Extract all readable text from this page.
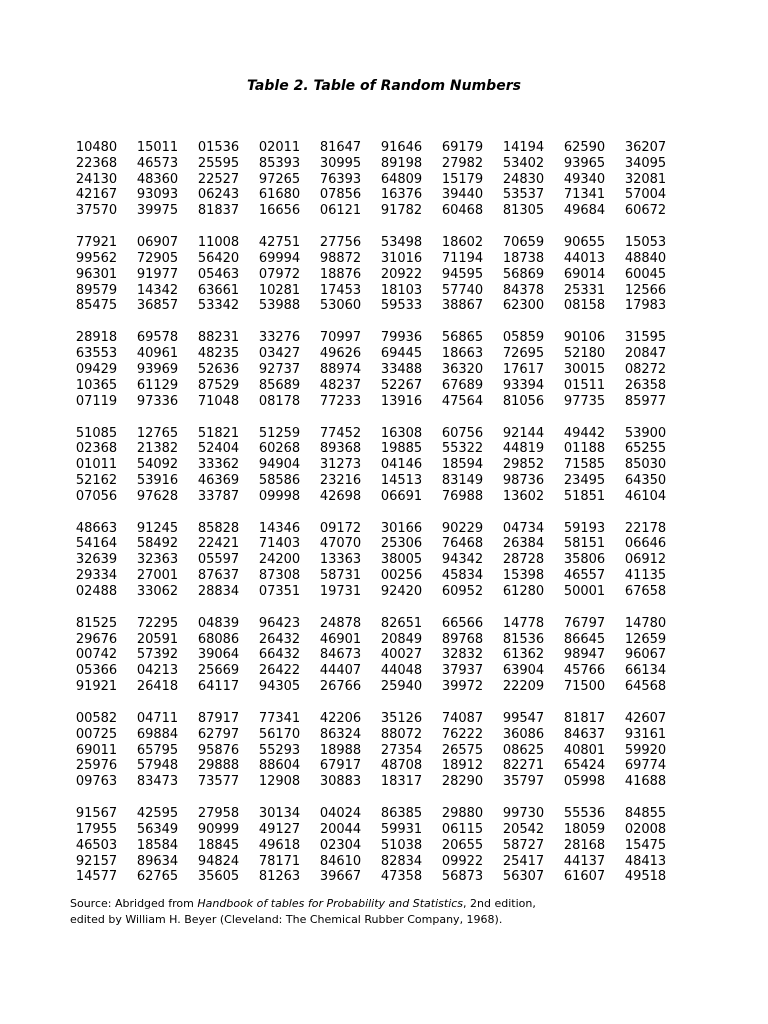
Table 2. Table of Random Numbers
10480	15011	01536	02011	81647	91646	69179	14194	62590	36207
22368	46573	25595	85393	30995	89198	27982	53402	93965	34095
24130	48360	22527	97265	76393	64809	15179	24830	49340	32081
42167	93093	06243	61680	07856	16376	39440	53537	71341	57004
37570	39975	81837	16656	06121	91782	60468	81305	49684	60672
77921	06907	11008	42751	27756	53498	18602	70659	90655	15053
99562	72905	56420	69994	98872	31016	71194	18738	44013	48840
96301	91977	05463	07972	18876	20922	94595	56869	69014	60045
89579	14342	63661	10281	17453	18103	57740	84378	25331	12566
85475	36857	53342	53988	53060	59533	38867	62300	08158	17983
28918	69578	88231	33276	70997	79936	56865	05859	90106	31595
63553	40961	48235	03427	49626	69445	18663	72695	52180	20847
09429	93969	52636	92737	88974	33488	36320	17617	30015	08272
10365	61129	87529	85689	48237	52267	67689	93394	01511	26358
07119	97336	71048	08178	77233	13916	47564	81056	97735	85977
51085	12765	51821	51259	77452	16308	60756	92144	49442	53900
02368	21382	52404	60268	89368	19885	55322	44819	01188	65255
01011	54092	33362	94904	31273	04146	18594	29852	71585	85030
52162	53916	46369	58586	23216	14513	83149	98736	23495	64350
07056	97628	33787	09998	42698	06691	76988	13602	51851	46104
48663	91245	85828	14346	09172	30166	90229	04734	59193	22178
54164	58492	22421	71403	47070	25306	76468	26384	58151	06646
32639	32363	05597	24200	13363	38005	94342	28728	35806	06912
29334	27001	87637	87308	58731	00256	45834	15398	46557	41135
02488	33062	28834	07351	19731	92420	60952	61280	50001	67658
81525	72295	04839	96423	24878	82651	66566	14778	76797	14780
29676	20591	68086	26432	46901	20849	89768	81536	86645	12659
00742	57392	39064	66432	84673	40027	32832	61362	98947	96067
05366	04213	25669	26422	44407	44048	37937	63904	45766	66134
91921	26418	64117	94305	26766	25940	39972	22209	71500	64568
00582	04711	87917	77341	42206	35126	74087	99547	81817	42607
00725	69884	62797	56170	86324	88072	76222	36086	84637	93161
69011	65795	95876	55293	18988	27354	26575	08625	40801	59920
25976	57948	29888	88604	67917	48708	18912	82271	65424	69774
09763	83473	73577	12908	30883	18317	28290	35797	05998	41688
91567	42595	27958	30134	04024	86385	29880	99730	55536	84855
17955	56349	90999	49127	20044	59931	06115	20542	18059	02008
46503	18584	18845	49618	02304	51038	20655	58727	28168	15475
92157	89634	94824	78171	84610	82834	09922	25417	44137	48413
14577	62765	35605	81263	39667	47358	56873	56307	61607	49518
Source: Abridged from Handbook of tables for Probability and Statistics, 2nd edition,
edited by William H. Beyer (Cleveland: The Chemical Rubber Company, 1968).
